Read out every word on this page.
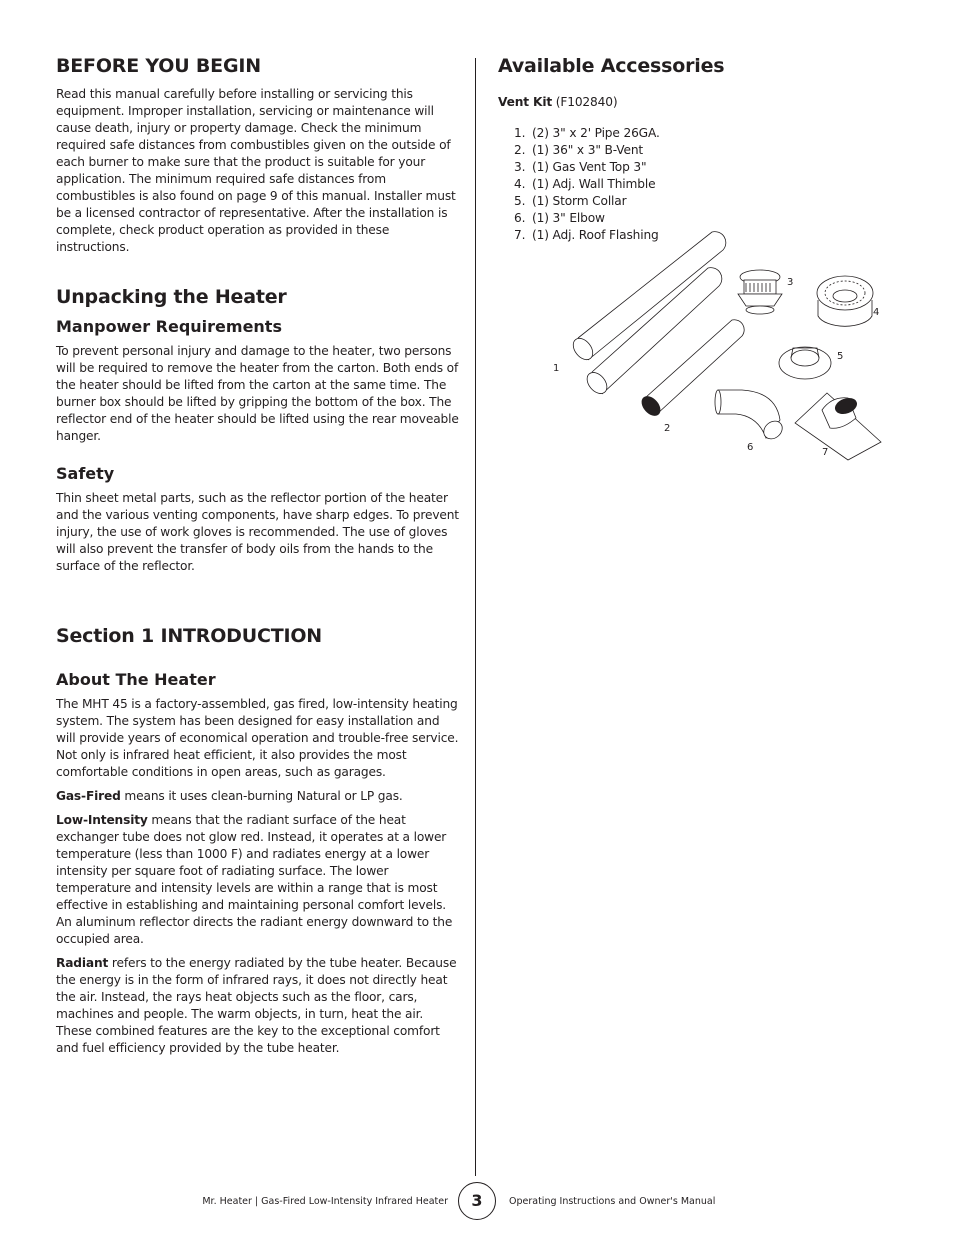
BEFORE YOU BEGIN

Read this manual carefully before installing or servicing this equipment. Improper installation, servicing or maintenance will cause death, injury or property damage. Check the minimum required safe distances from combustibles given on the outside of each burner to make sure that the product is suitable for your application. The minimum required safe distances from combustibles is also found on page 9 of this manual. Installer must be a licensed contractor of representative. After the installation is complete, check product operation as provided in these instructions.

Unpacking the Heater
Manpower Requirements

To prevent personal injury and damage to the heater, two persons will be required to remove the heater from the carton. Both ends of the heater should be lifted from the carton at the same time. The burner box should be lifted by gripping the bottom of the box. The reflector end of the heater should be lifted using the rear moveable hanger.

Safety

Thin sheet metal parts, such as the reflector portion of the heater and the various venting components, have sharp edges. To prevent injury, the use of work gloves is recommended. The use of gloves will also prevent the transfer of body oils from the hands to the surface of the reflector.

Section 1 INTRODUCTION
About The Heater

The MHT 45 is a factory-assembled, gas fired, low-intensity heating system. The system has been designed for easy installation and will provide years of economical operation and trouble-free service. Not only is infrared heat efficient, it also provides the most comfortable conditions in open areas, such as garages.

Gas-Fired means it uses clean-burning Natural or LP gas.

Low-Intensity means that the radiant surface of the heat exchanger tube does not glow red. Instead, it operates at a lower temperature (less than 1000 F) and radiates energy at a lower intensity per square foot of radiating surface. The lower temperature and intensity levels are within a range that is most effective in establishing and maintaining personal comfort levels. An aluminum reflector directs the radiant energy downward to the occupied area.

Radiant refers to the energy radiated by the tube heater. Because the energy is in the form of infrared rays, it does not directly heat the air. Instead, the rays heat objects such as the floor, cars, machines and people. The warm objects, in turn, heat the air. These combined features are the key to the exceptional comfort and fuel efficiency provided by the tube heater.

Available Accessories

Vent Kit (F102840)

1. (2) 3" x 2' Pipe 26GA.
2. (1) 36" x 3" B-Vent
3. (1) Gas Vent Top 3"
4. (1) Adj. Wall Thimble
5. (1) Storm Collar
6. (1) 3" Elbow
7. (1) Adj. Roof Flashing
1
2
3
4
5
6	7
Mr. Heater | Gas-Fired Low-Intensity Infrared Heater	3	Operating Instructions and Owner's Manual
